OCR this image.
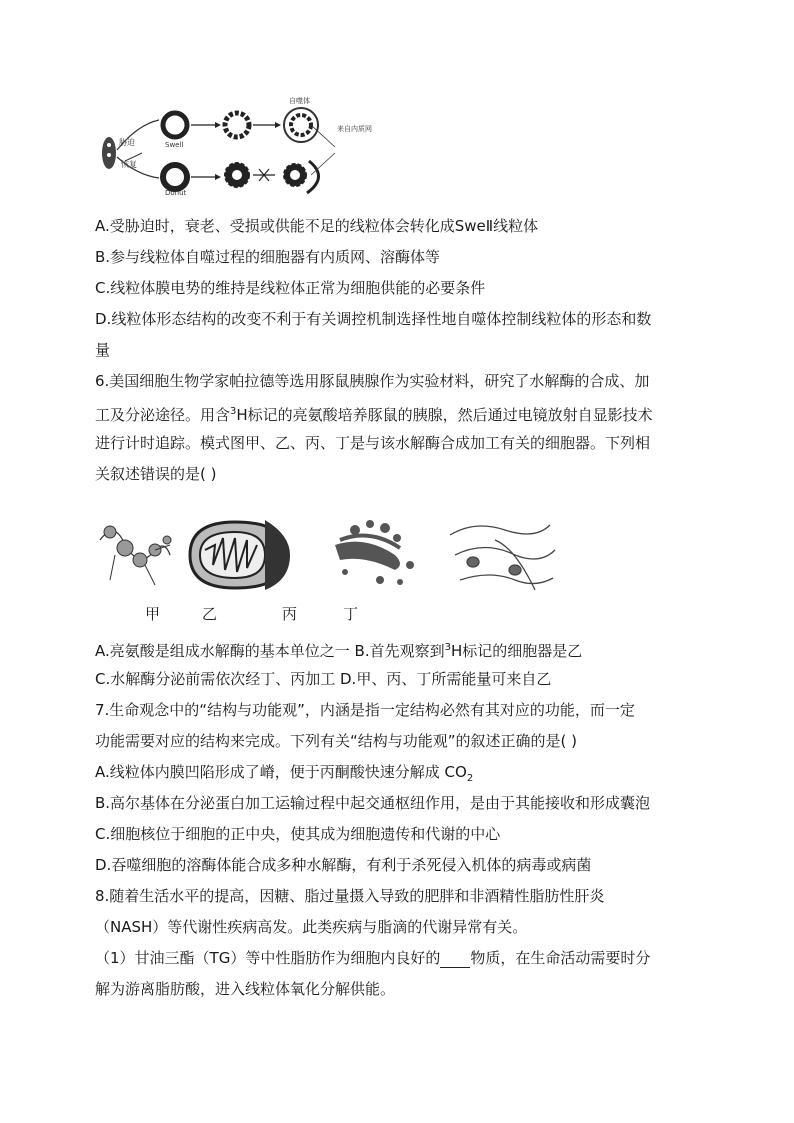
胁迫
恢复
Swell
自噬体
Donut
来自内质网
A.受胁迫时，衰老、受损或供能不足的线粒体会转化成SweⅡ线粒体
B.参与线粒体自噬过程的细胞器有内质网、溶酶体等
C.线粒体膜电势的维持是线粒体正常为细胞供能的必要条件
D.线粒体形态结构的改变不利于有关调控机制选择性地自噬体控制线粒体的形态和数
量
6.美国细胞生物学家帕拉德等选用豚鼠胰腺作为实验材料，研究了水解酶的合成、加
工及分泌途径。用含$^3$H标记的亮氨酸培养豚鼠的胰腺，然后通过电镜放射自显影技术
进行计时追踪。模式图甲、乙、丙、丁是与该水解酶合成加工有关的细胞器。下列相
关叙述错误的是( )
甲	乙	丙	丁
A.亮氨酸是组成水解酶的基本单位之一 B.首先观察到$^3$H标记的细胞器是乙
C.水解酶分泌前需依次经丁、丙加工 D.甲、丙、丁所需能量可来自乙
7.生命观念中的“结构与功能观”，内涵是指一定结构必然有其对应的功能，而一定
功能需要对应的结构来完成。下列有关“结构与功能观”的叙述正确的是( )
A.线粒体内膜凹陷形成了嵴，便于丙酮酸快速分解成 $CO_2$
B.高尔基体在分泌蛋白加工运输过程中起交通枢纽作用，是由于其能接收和形成囊泡
C.细胞核位于细胞的正中央，使其成为细胞遗传和代谢的中心
D.吞噬细胞的溶酶体能合成多种水解酶，有利于杀死侵入机体的病毒或病菌
8.随着生活水平的提高，因糖、脂过量摄入导致的肥胖和非酒精性脂肪性肝炎
（NASH）等代谢性疾病高发。此类疾病与脂滴的代谢异常有关。
（1）甘油三酯（TG）等中性脂肪作为细胞内良好的 物质，在生命活动需要时分
解为游离脂肪酸，进入线粒体氧化分解供能。
